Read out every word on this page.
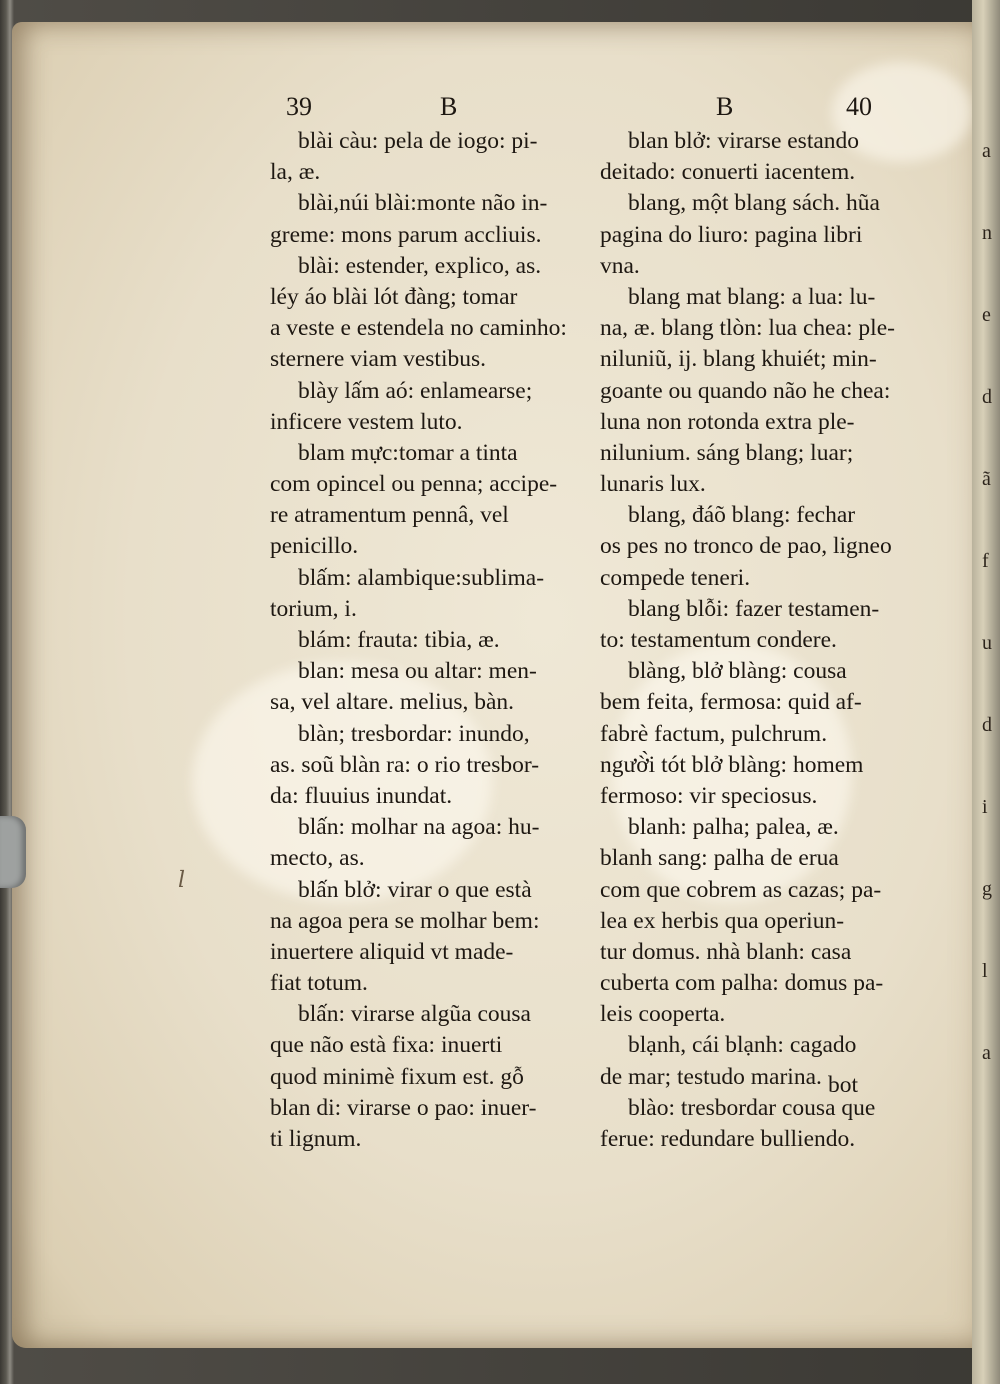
a
n
e
d
ã
f
u
d
i
g
l
a
39	B	B	40
blài càu: pela de iogo: pi-
la, æ.
blài,núi blài:monte não in-
greme: mons parum accliuis.
blài: estender, explico, as.
léy áo blài lót đàng; tomar
a veste e estendela no caminho:
sternere viam vestibus.
blày lấm aó: enlamearse;
inficere vestem luto.
blam mực:tomar a tinta
com opincel ou penna; accipe-
re atramentum pennâ, vel
penicillo.
blấm: alambique:sublima-
torium, i.
blám: frauta: tibia, æ.
blan: mesa ou altar: men-
sa, vel altare. melius, bàn.
blàn; tresbordar: inundo,
as. soũ blàn ra: o rio tresbor-
da: fluuius inundat.
blấn: molhar na agoa: hu-
mecto, as.
blấn blở: virar o que està
na agoa pera se molhar bem:
inuertere aliquid vt made-
fiat totum.
blấn: virarse algũa cousa
que não està fixa: inuerti
quod minimè fixum est. gỗ
blan di: virarse o pao: inuer-
ti lignum.
blan blở: virarse estando
deitado: conuerti iacentem.
blang, một blang sách. hũa
pagina do liuro: pagina libri
vna.
blang mat blang: a lua: lu-
na, æ. blang tlòn: lua chea: ple-
niluniũ, ij. blang khuiét; min-
goante ou quando não he chea:
luna non rotonda extra ple-
nilunium. sáng blang; luar;
lunaris lux.
blang, đáõ blang: fechar
os pes no tronco de pao, ligneo
compede teneri.
blang blỗi: fazer testamen-
to: testamentum condere.
blàng, blở blàng: cousa
bem feita, fermosa: quid af-
fabrè factum, pulchrum.
ngườ̀i tót blở blàng: homem
fermoso: vir speciosus.
blanh: palha; palea, æ.
blanh sang: palha de erua
com que cobrem as cazas; pa-
lea ex herbis qua operiun-
tur domus. nhà blanh: casa
cuberta com palha: domus pa-
leis cooperta.
blạnh, cái blạnh: cagado
de mar; testudo marina.
blào: tresbordar cousa que
ferue: redundare bulliendo.
bot
l
